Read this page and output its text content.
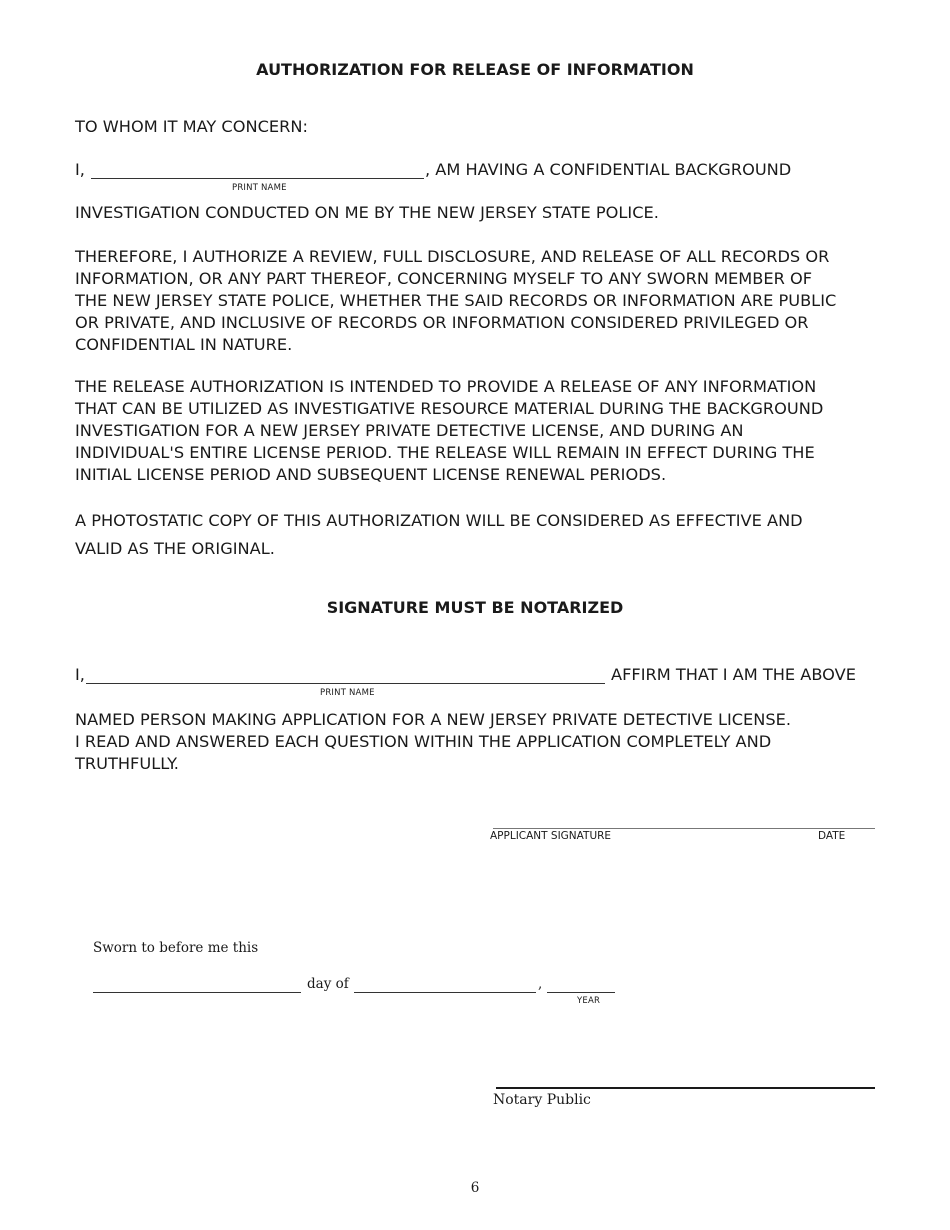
AUTHORIZATION FOR RELEASE OF INFORMATION
TO WHOM IT MAY CONCERN:
I,	, AM HAVING A CONFIDENTIAL BACKGROUND
PRINT NAME
INVESTIGATION CONDUCTED ON ME BY THE NEW JERSEY STATE POLICE.
THEREFORE, I AUTHORIZE A REVIEW, FULL DISCLOSURE, AND RELEASE OF ALL RECORDS OR
INFORMATION, OR ANY PART THEREOF, CONCERNING MYSELF TO ANY SWORN MEMBER OF
THE NEW JERSEY STATE POLICE, WHETHER THE SAID RECORDS OR INFORMATION ARE PUBLIC
OR PRIVATE, AND INCLUSIVE OF RECORDS OR INFORMATION CONSIDERED PRIVILEGED OR
CONFIDENTIAL IN NATURE.
THE RELEASE AUTHORIZATION IS INTENDED TO PROVIDE A RELEASE OF ANY INFORMATION
THAT CAN BE UTILIZED AS INVESTIGATIVE RESOURCE MATERIAL DURING THE BACKGROUND
INVESTIGATION FOR A NEW JERSEY PRIVATE DETECTIVE LICENSE, AND DURING AN
INDIVIDUAL'S ENTIRE LICENSE PERIOD. THE RELEASE WILL REMAIN IN EFFECT DURING THE
INITIAL LICENSE PERIOD AND SUBSEQUENT LICENSE RENEWAL PERIODS.
A PHOTOSTATIC COPY OF THIS AUTHORIZATION WILL BE CONSIDERED AS EFFECTIVE AND
VALID AS THE ORIGINAL.
SIGNATURE MUST BE NOTARIZED
I,	AFFIRM THAT I AM THE ABOVE
PRINT NAME
NAMED PERSON MAKING APPLICATION FOR A NEW JERSEY PRIVATE DETECTIVE LICENSE.
I READ AND ANSWERED EACH QUESTION WITHIN THE APPLICATION COMPLETELY AND
TRUTHFULLY.
APPLICANT SIGNATURE	DATE
Sworn to before me this
day of	,
YEAR
Notary Public
6
